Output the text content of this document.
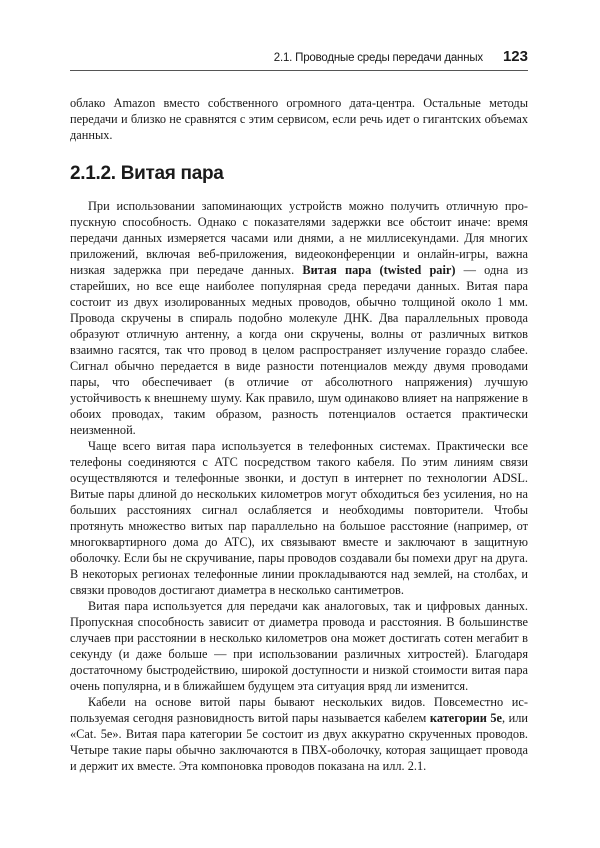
2.1. Проводные среды передачи данных 123

облако Amazon вместо собственного огромного дата-центра. Остальные методы передачи и близко не сравнятся с этим сервисом, если речь идет о гигантских объемах данных.

2.1.2. Витая пара

При использовании запоминающих устройств можно получить отличную пропускную способность. Однако с показателями задержки все обстоит иначе: время передачи данных измеряется часами или днями, а не миллисекундами. Для многих приложений, включая веб-приложения, видеоконференции и онлайн-игры, важна низкая задержка при передаче данных. Витая пара (twisted pair) — одна из старейших, но все еще наиболее популярная среда передачи данных. Витая пара состоит из двух изолированных медных проводов, обычно толщиной около 1 мм. Провода скручены в спираль подобно молекуле ДНК. Два параллельных провода образуют отличную антенну, а когда они скручены, волны от различных витков взаимно гасятся, так что провод в целом распространяет излучение гораздо слабее. Сигнал обычно передается в виде разности потенциалов между двумя проводами пары, что обеспечивает (в отличие от абсолютного напряжения) лучшую устойчивость к внешнему шуму. Как правило, шум одинаково влияет на напряжение в обоих проводах, таким образом, разность потенциалов остается практически неизменной.

Чаще всего витая пара используется в телефонных системах. Практически все телефоны соединяются с АТС посредством такого кабеля. По этим линиям связи осуществляются и телефонные звонки, и доступ в интернет по технологии ADSL. Витые пары длиной до нескольких километров могут обходиться без усиления, но на больших расстояниях сигнал ослабляется и необходимы повторители. Чтобы протянуть множество витых пар параллельно на большое расстояние (например, от многоквартирного дома до АТС), их связывают вместе и заключают в защитную оболочку. Если бы не скручивание, пары проводов создавали бы помехи друг на друга. В некоторых регионах телефонные линии прокладываются над землей, на столбах, и связки проводов достигают диаметра в несколько сантиметров.

Витая пара используется для передачи как аналоговых, так и цифровых данных. Пропускная способность зависит от диаметра провода и расстояния. В большинстве случаев при расстоянии в несколько километров она может достигать сотен мегабит в секунду (и даже больше — при использовании различных хитростей). Благодаря достаточному быстродействию, широкой доступности и низкой стоимости витая пара очень популярна, и в ближайшем будущем эта ситуация вряд ли изменится.

Кабели на основе витой пары бывают нескольких видов. Повсеместно используемая сегодня разновидность витой пары называется кабелем категории 5е, или «Cat. 5e». Витая пара категории 5е состоит из двух аккуратно скрученных проводов. Четыре такие пары обычно заключаются в ПВХ-оболочку, которая защищает провода и держит их вместе. Эта компоновка проводов показана на илл. 2.1.
